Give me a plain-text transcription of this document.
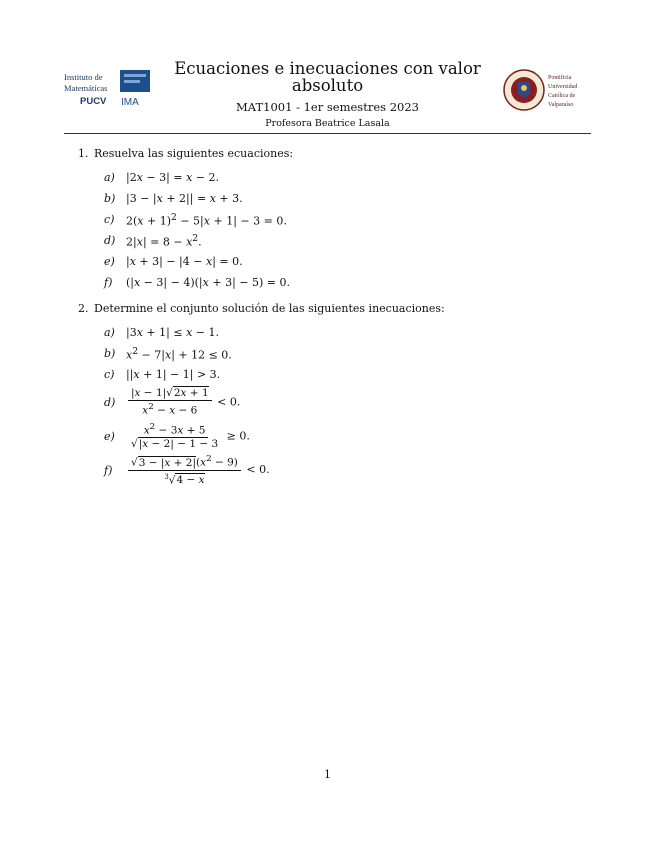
Instituto de
Matemáticas
PUCV IMA
Ecuaciones e inecuaciones con valor
absoluto
MAT1001 - 1er semestres 2023
Profesora Beatrice Lasala
Pontificia
Universidad
Católica de
Valparaíso
1. Resuelva las siguientes ecuaciones:
a)	|2x − 3| = x − 2.
b) |3 − |x + 2|| = x + 3.
c)	$2(x + 1)^2 - 5|x + 1| - 3 = 0$.
d) $2|x| = 8 - x^2$.
e)	|x + 3| − |4 − x| = 0.
f)	(|x − 3| − 4)(|x + 3| − 5) = 0.
2. Determine el conjunto solución de las siguientes inecuaciones:
a)	|3x + 1| ≤ x − 1.
b) $x^2 - 7|x| + 12 \le 0$.
c)	||x + 1| − 1| > 3.
d)	$\frac{|x - 1|√2x + 1}{x^2 - x - 6} < 0$.
e)	$\frac{x^2 - 3x + 5}{√|x - 2| - 1 - 3} \ge 0$.
f)	$\frac{√3 - |x + 2|(x^2 - 9)}{^3√4 - x} < 0$.
1
